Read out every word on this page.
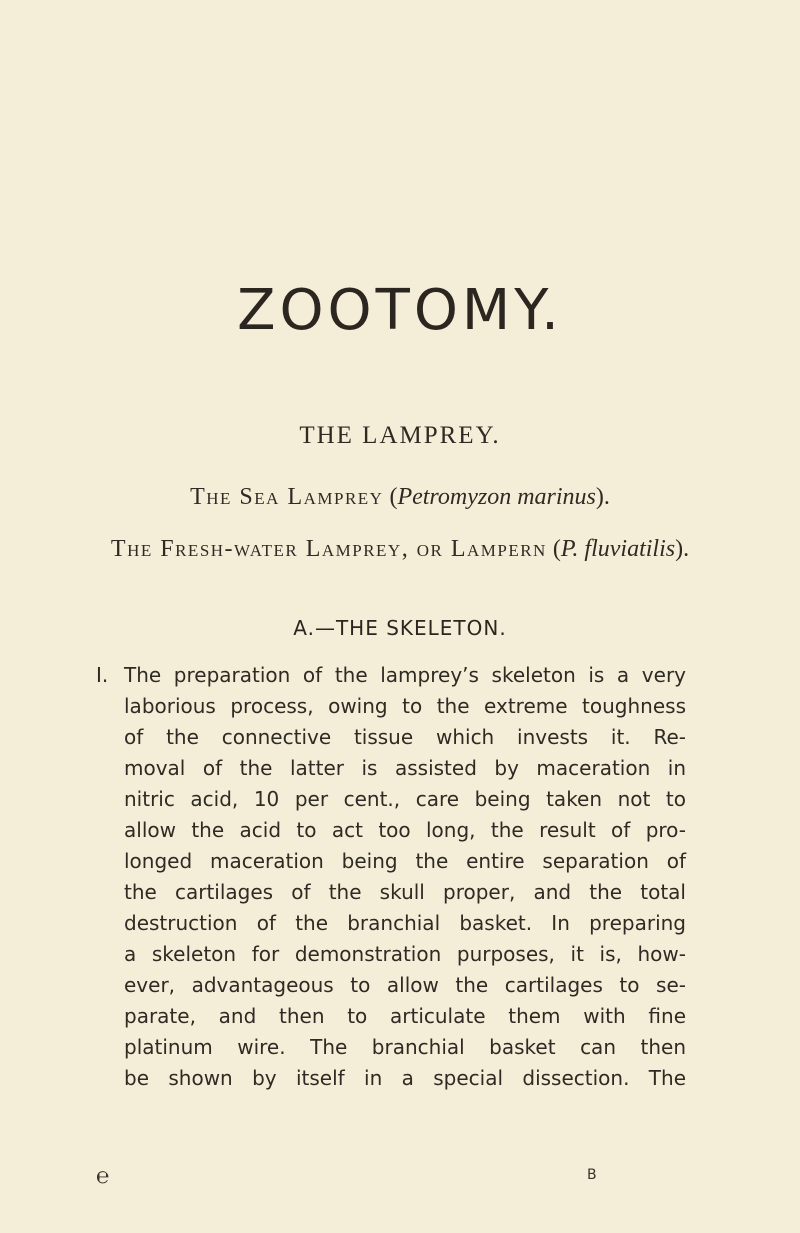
ZOOTOMY.
THE LAMPREY.
The Sea Lamprey (Petromyzon marinus).
The Fresh-water Lamprey, or Lampern (P. fluviatilis).
A.—THE SKELETON.
I. The preparation of the lamprey’s skeleton is a very
laborious process, owing to the extreme toughness
of the connective tissue which invests it. Re-
moval of the latter is assisted by maceration in
nitric acid, 10 per cent., care being taken not to
allow the acid to act too long, the result of pro-
longed maceration being the entire separation of
the cartilages of the skull proper, and the total
destruction of the branchial basket. In preparing
a skeleton for demonstration purposes, it is, how-
ever, advantageous to allow the cartilages to se-
parate, and then to articulate them with fine
platinum wire. The branchial basket can then
be shown by itself in a special dissection. The
℮	B
